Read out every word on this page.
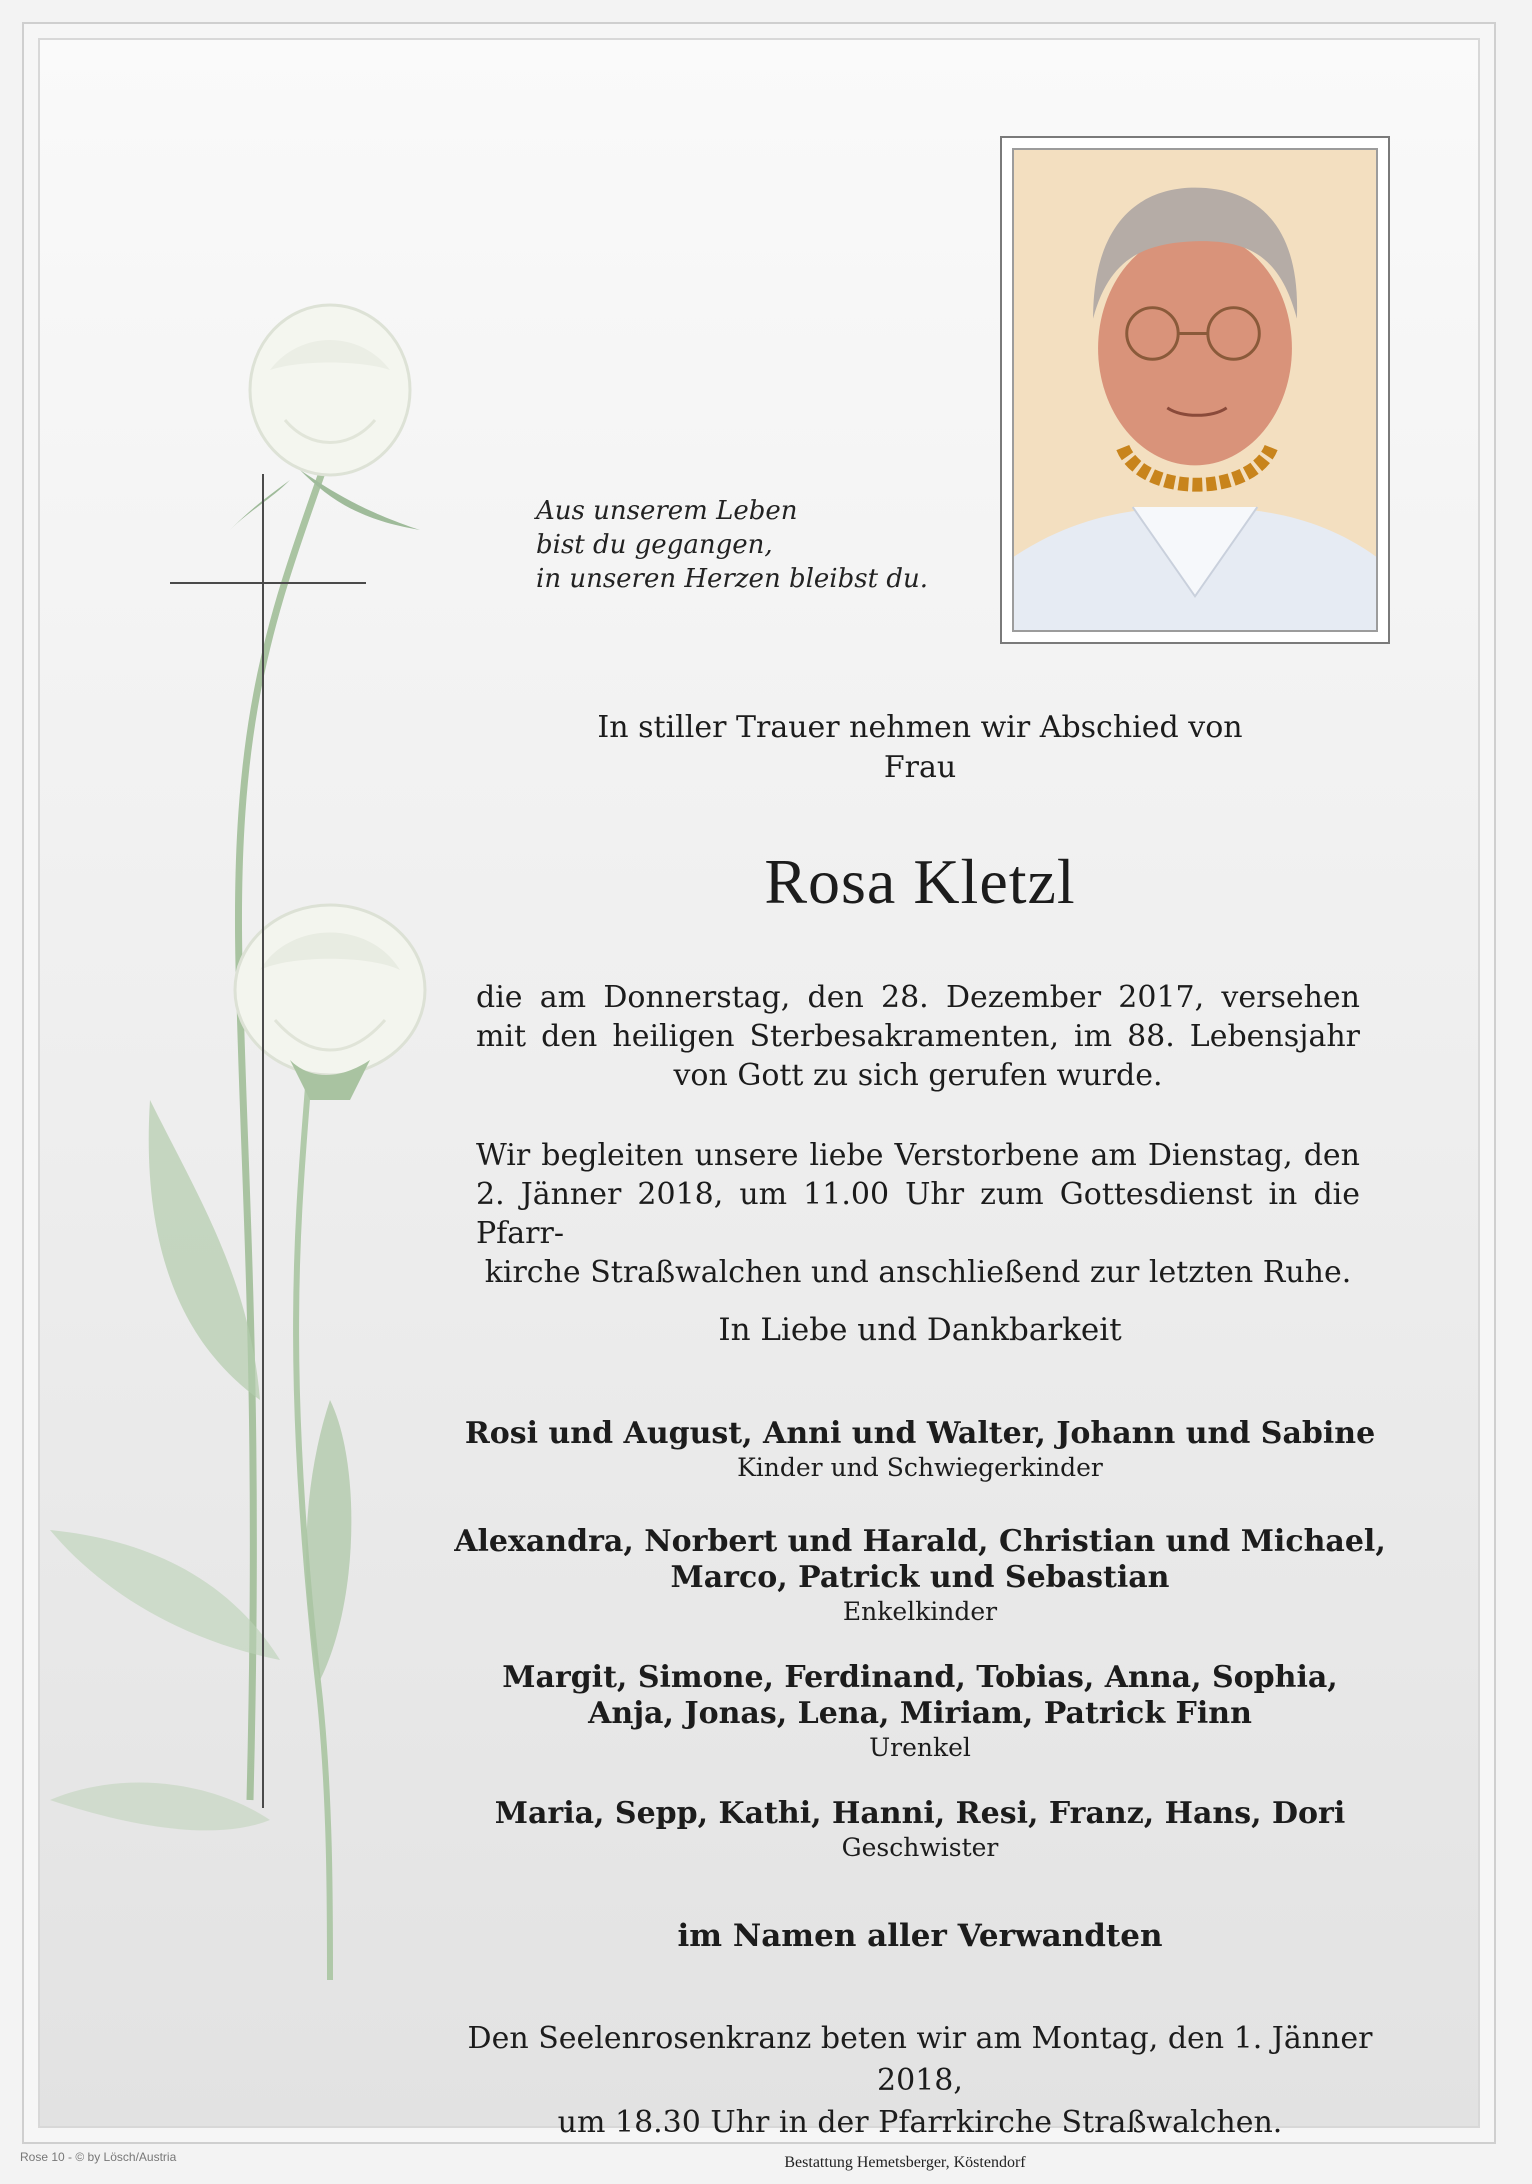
Aus unserem Leben
bist du gegangen,
in unseren Herzen bleibst du.
In stiller Trauer nehmen wir Abschied von
Frau
Rosa Kletzl
die am Donnerstag, den 28. Dezember 2017, versehen mit den heiligen Sterbesakramenten, im 88. Lebensjahr von Gott zu sich gerufen wurde.
Wir begleiten unsere liebe Verstorbene am Dienstag, den
2. Jänner 2018, um 11.00 Uhr zum Gottesdienst in die Pfarr-
kirche Straßwalchen und anschließend zur letzten Ruhe.
In Liebe und Dankbarkeit
Rosi und August, Anni und Walter, Johann und Sabine
Kinder und Schwiegerkinder
Alexandra, Norbert und Harald, Christian und Michael,
Marco, Patrick und Sebastian
Enkelkinder
Margit, Simone, Ferdinand, Tobias, Anna, Sophia,
Anja, Jonas, Lena, Miriam, Patrick Finn
Urenkel
Maria, Sepp, Kathi, Hanni, Resi, Franz, Hans, Dori
Geschwister
im Namen aller Verwandten
Den Seelenrosenkranz beten wir am Montag, den 1. Jänner 2018,
um 18.30 Uhr in der Pfarrkirche Straßwalchen.
Rose 10 - © by Lösch/Austria	Bestattung Hemetsberger, Köstendorf
